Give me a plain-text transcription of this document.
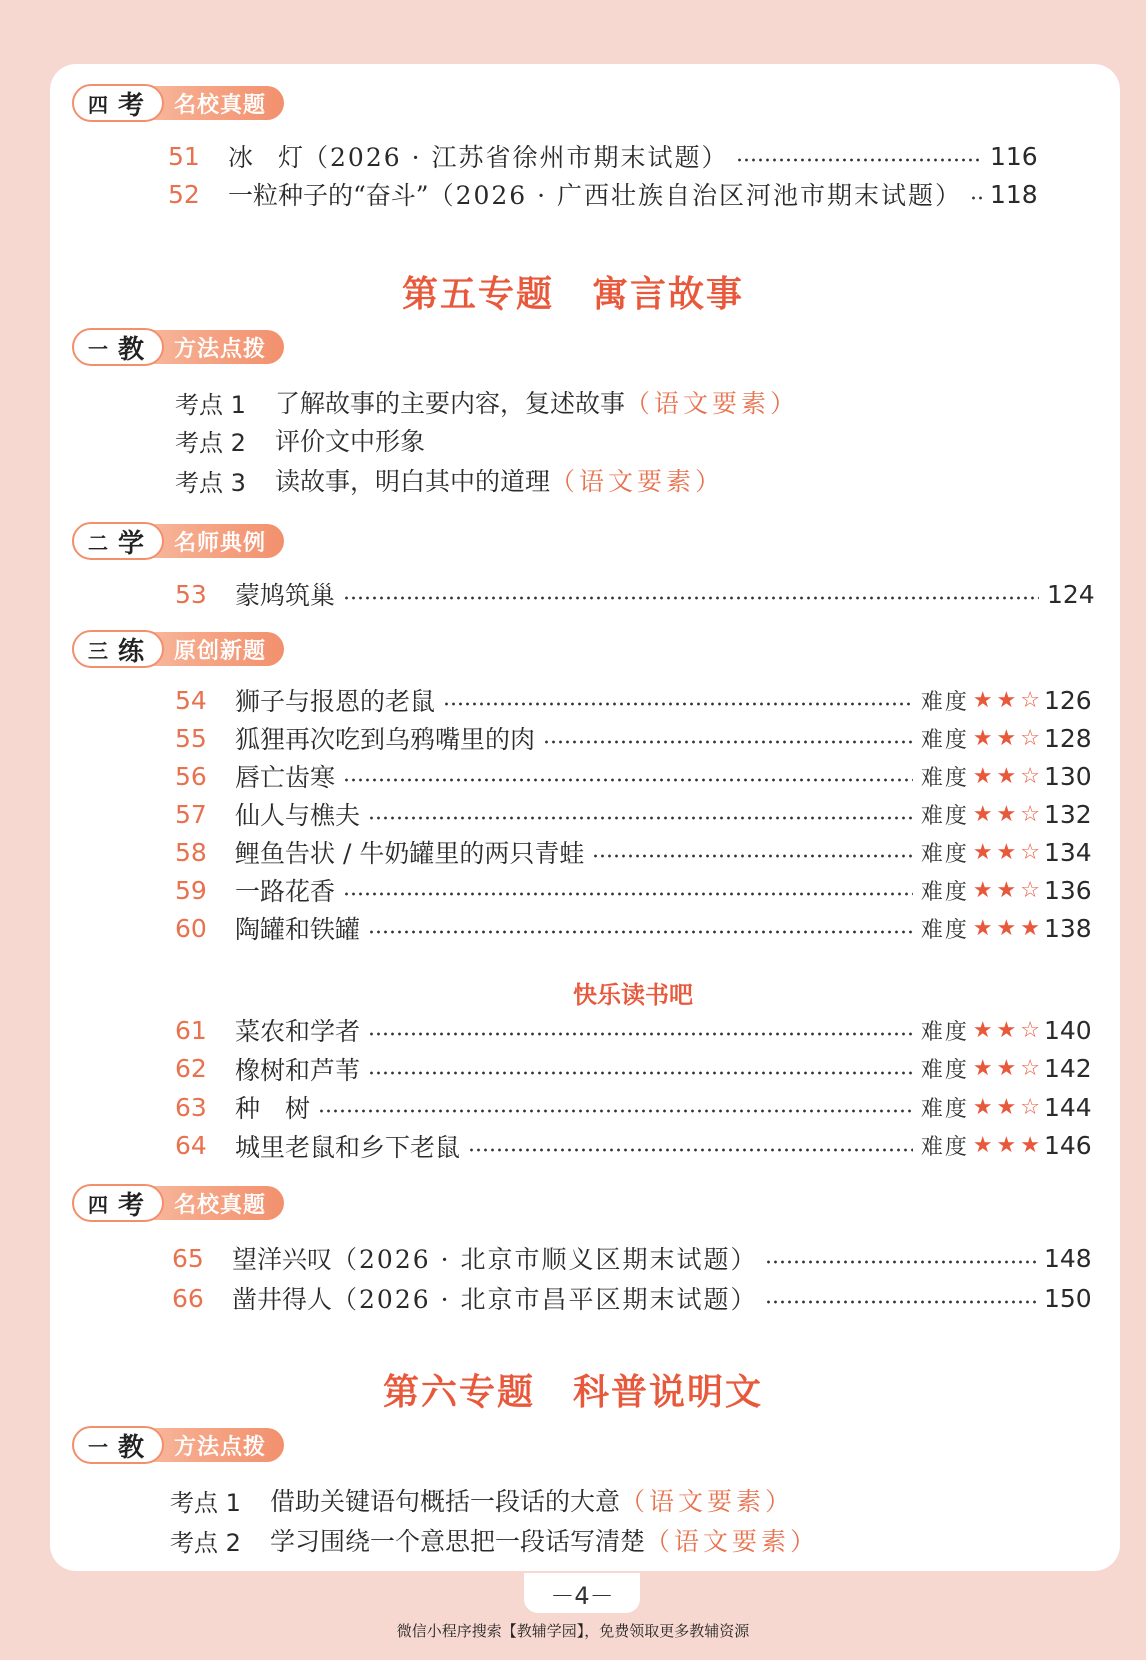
四 考 名校真题
51	冰　灯 （2026 · 江苏省徐州市期末试题）	116
52	一粒种子的“奋斗” （2026 · 广西壮族自治区河池市期末试题） 118
第五专题　寓言故事
一 教 方法点拨
考点 1	了解故事的主要内容，复述故事 （语文要素）
考点 2	评价文中形象
考点 3	读故事，明白其中的道理 （语文要素）
二 学 名师典例
53	蒙鸠筑巢	124
三 练 原创新题
54	狮子与报恩的老鼠	难度 ★★☆ 126
55	狐狸再次吃到乌鸦嘴里的肉	难度 ★★☆ 128
56	唇亡齿寒	难度 ★★☆ 130
57	仙人与樵夫	难度 ★★☆ 132
58	鲤鱼告状 / 牛奶罐里的两只青蛙	难度 ★★☆ 134
59	一路花香	难度 ★★☆ 136
60	陶罐和铁罐	难度 ★★★ 138
快乐读书吧
61	菜农和学者	难度 ★★☆ 140
62	橡树和芦苇	难度 ★★☆ 142
63	种　树	难度 ★★☆ 144
64	城里老鼠和乡下老鼠	难度 ★★★ 146
四 考 名校真题
65	望洋兴叹 （2026 · 北京市顺义区期末试题）	148
66	凿井得人 （2026 · 北京市昌平区期末试题）	150
第六专题　科普说明文
一 教 方法点拨
考点 1	借助关键语句概括一段话的大意 （语文要素）
考点 2	学习围绕一个意思把一段话写清楚 （语文要素）
－4－
微信小程序搜索【教辅学园】，免费领取更多教辅资源
